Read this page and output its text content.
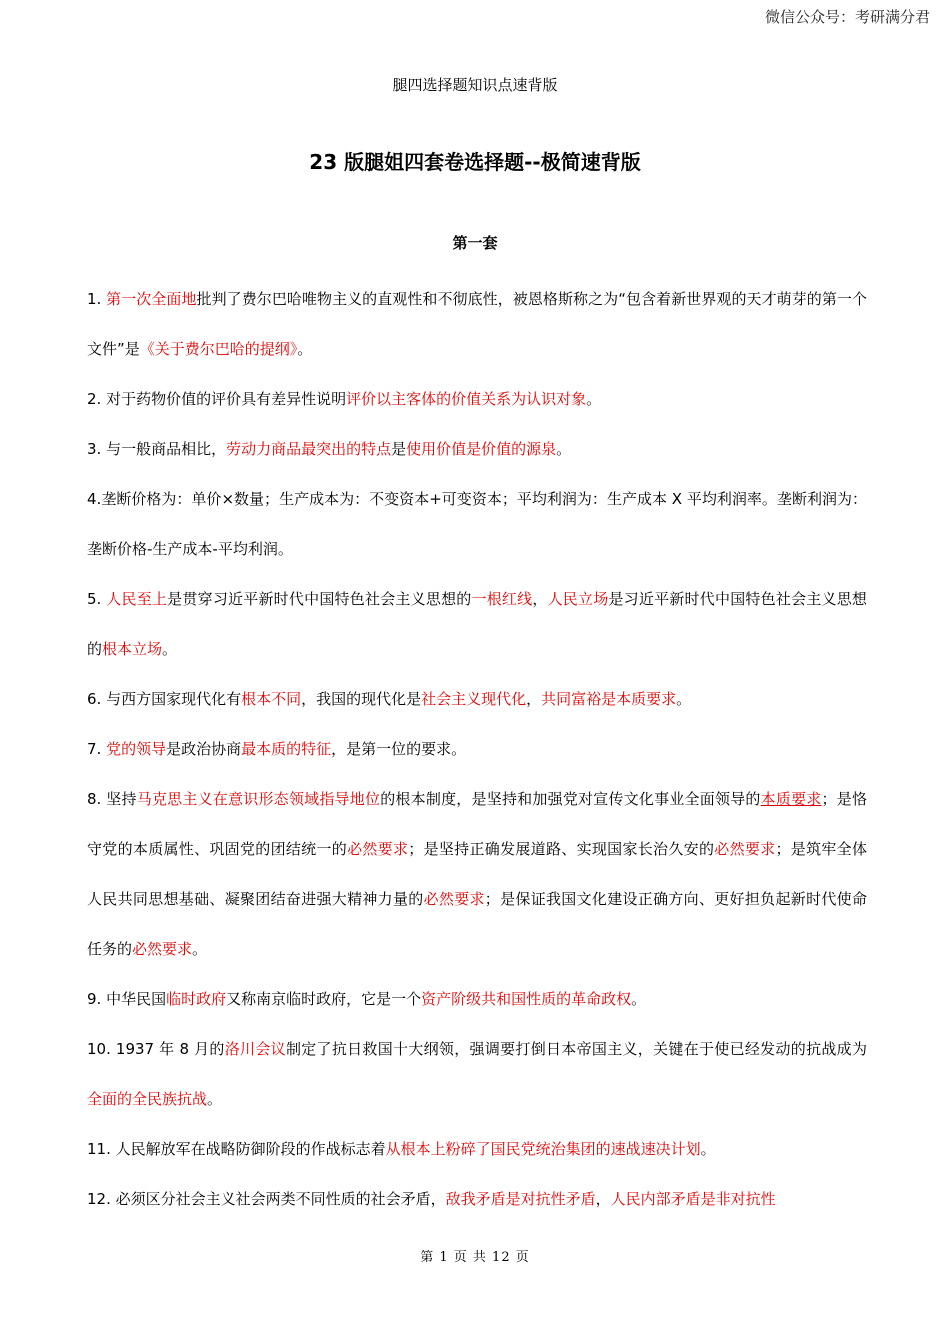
微信公众号：考研满分君
腿四选择题知识点速背版
23 版腿姐四套卷选择题--极简速背版
第一套

1. 第一次全面地批判了费尔巴哈唯物主义的直观性和不彻底性，被恩格斯称之为“包含着新世界观的天才萌芽的第一个文件”是《关于费尔巴哈的提纲》。

2. 对于药物价值的评价具有差异性说明评价以主客体的价值关系为认识对象。

3. 与一般商品相比，劳动力商品最突出的特点是使用价值是价值的源泉。

4.垄断价格为：单价×数量；生产成本为：不变资本+可变资本；平均利润为：生产成本 X 平均利润率。垄断利润为：垄断价格-生产成本-平均利润。

5. 人民至上是贯穿习近平新时代中国特色社会主义思想的一根红线，人民立场是习近平新时代中国特色社会主义思想的根本立场。

6. 与西方国家现代化有根本不同，我国的现代化是社会主义现代化，共同富裕是本质要求。

7. 党的领导是政治协商最本质的特征，是第一位的要求。

8. 坚持马克思主义在意识形态领域指导地位的根本制度，是坚持和加强党对宣传文化事业全面领导的本质要求；是恪守党的本质属性、巩固党的团结统一的必然要求；是坚持正确发展道路、实现国家长治久安的必然要求；是筑牢全体人民共同思想基础、凝聚团结奋进强大精神力量的必然要求；是保证我国文化建设正确方向、更好担负起新时代使命任务的必然要求。

9. 中华民国临时政府又称南京临时政府，它是一个资产阶级共和国性质的革命政权。

10. 1937 年 8 月的洛川会议制定了抗日救国十大纲领，强调要打倒日本帝国主义，关键在于使已经发动的抗战成为全面的全民族抗战。

11. 人民解放军在战略防御阶段的作战标志着从根本上粉碎了国民党统治集团的速战速决计划。

12. 必须区分社会主义社会两类不同性质的社会矛盾，敌我矛盾是对抗性矛盾，人民内部矛盾是非对抗性

第 1 页 共 12 页
